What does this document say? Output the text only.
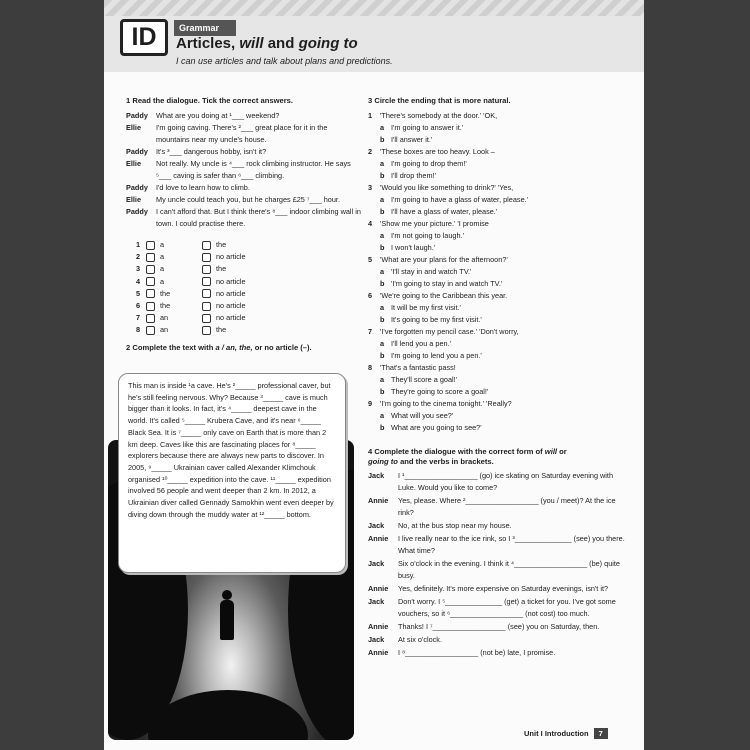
ID	Grammar
Articles, will and going to
I can use articles and talk about plans and predictions.
1 Read the dialogue. Tick the correct answers.
Paddy	What are you doing at ¹___ weekend?
Ellie	I'm going caving. There's ²___ great place for it in the mountains near my uncle's house.
Paddy	It's ³___ dangerous hobby, isn't it?
Ellie	Not really. My uncle is ⁴___ rock climbing instructor. He says ⁵___ caving is safer than ⁶___ climbing.
Paddy	I'd love to learn how to climb.
Ellie	My uncle could teach you, but he charges £25 ⁷___ hour.
Paddy	I can't afford that. But I think there's ⁸___ indoor climbing wall in town. I could practise there.
1	a	the
2	a	no article
3	a	the
4	a	no article
5	the	no article
6	the	no article
7	an	no article
8	an	the
2 Complete the text with a / an, the, or no article (–).
This man is inside ¹a cave. He's ²_____ professional caver, but he's still feeling nervous. Why? Because ³_____ cave is much bigger than it looks. In fact, it's ⁴_____ deepest cave in the world. It's called ⁵_____ Krubera Cave, and it's near ⁶_____ Black Sea. It is ⁷_____ only cave on Earth that is more than 2 km deep. Caves like this are fascinating places for ⁸_____ explorers because there are always new parts to discover. In 2005, ⁹_____ Ukrainian caver called Alexander Klimchouk organised ¹⁰_____ expedition into the cave. ¹¹_____ expedition involved 56 people and went deeper than 2 km. In 2012, a Ukrainian diver called Gennady Samokhin went even deeper by diving down through the muddy water at ¹²_____ bottom.
3 Circle the ending that is more natural.
1 'There's somebody at the door.' 'OK,
a I'm going to answer it.'
b I'll answer it.'
2 'These boxes are too heavy. Look –
a I'm going to drop them!'
b I'll drop them!'
3 'Would you like something to drink?' 'Yes,
a I'm going to have a glass of water, please.'
b I'll have a glass of water, please.'
4 'Show me your picture.' 'I promise
a I'm not going to laugh.'
b I won't laugh.'
5 'What are your plans for the afternoon?'
a 'I'll stay in and watch TV.'
b 'I'm going to stay in and watch TV.'
6 'We're going to the Caribbean this year.
a It will be my first visit.'
b It's going to be my first visit.'
7 'I've forgotten my pencil case.' 'Don't worry,
a I'll lend you a pen.'
b I'm going to lend you a pen.'
8 'That's a fantastic pass!
a They'll score a goal!'
b They're going to score a goal!'
9 'I'm going to the cinema tonight.' 'Really?
a What will you see?'
b What are you going to see?'
4 Complete the dialogue with the correct form of will or
going to and the verbs in brackets.
Jack	I ¹__________________ (go) ice skating on Saturday evening with Luke. Would you like to come?
Annie	Yes, please. Where ²__________________ (you / meet)? At the ice rink?
Jack	No, at the bus stop near my house.
Annie	I live really near to the ice rink, so I ³______________ (see) you there. What time?
Jack	Six o'clock in the evening. I think it ⁴__________________ (be) quite busy.
Annie	Yes, definitely. It's more expensive on Saturday evenings, isn't it?
Jack	Don't worry. I ⁵______________ (get) a ticket for you. I've got some vouchers, so it ⁶__________________ (not cost) too much.
Annie	Thanks! I ⁷__________________ (see) you on Saturday, then.
Jack	At six o'clock.
Annie	I ⁸__________________ (not be) late, I promise.
Unit I Introduction 7
